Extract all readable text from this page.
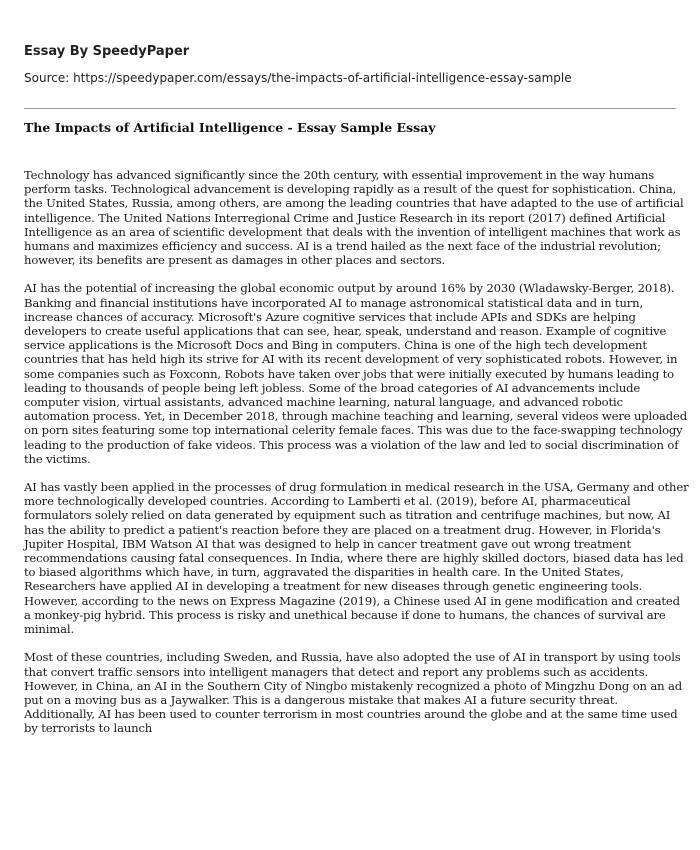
Essay By SpeedyPaper

Source: https://speedypaper.com/essays/the-impacts-of-artificial-intelligence-essay-sample

The Impacts of Artificial Intelligence - Essay Sample Essay

Technology has advanced significantly since the 20th century, with essential improvement in the way humans perform tasks. Technological advancement is developing rapidly as a result of the quest for sophistication. China, the United States, Russia, among others, are among the leading countries that have adapted to the use of artificial intelligence. The United Nations Interregional Crime and Justice Research in its report (2017) defined Artificial Intelligence as an area of scientific development that deals with the invention of intelligent machines that work as humans and maximizes efficiency and success. AI is a trend hailed as the next face of the industrial revolution; however, its benefits are present as damages in other places and sectors.

AI has the potential of increasing the global economic output by around 16% by 2030 (Wladawsky-Berger, 2018). Banking and financial institutions have incorporated AI to manage astronomical statistical data and in turn, increase chances of accuracy. Microsoft's Azure cognitive services that include APIs and SDKs are helping developers to create useful applications that can see, hear, speak, understand and reason. Example of cognitive service applications is the Microsoft Docs and Bing in computers. China is one of the high tech development countries that has held high its strive for AI with its recent development of very sophisticated robots. However, in some companies such as Foxconn, Robots have taken over jobs that were initially executed by humans leading to leading to thousands of people being left jobless. Some of the broad categories of AI advancements include computer vision, virtual assistants, advanced machine learning, natural language, and advanced robotic automation process. Yet, in December 2018, through machine teaching and learning, several videos were uploaded on porn sites featuring some top international celerity female faces. This was due to the face-swapping technology leading to the production of fake videos. This process was a violation of the law and led to social discrimination of the victims.

AI has vastly been applied in the processes of drug formulation in medical research in the USA, Germany and other more technologically developed countries. According to Lamberti et al. (2019), before AI, pharmaceutical formulators solely relied on data generated by equipment such as titration and centrifuge machines, but now, AI has the ability to predict a patient's reaction before they are placed on a treatment drug. However, in Florida's Jupiter Hospital, IBM Watson AI that was designed to help in cancer treatment gave out wrong treatment recommendations causing fatal consequences. In India, where there are highly skilled doctors, biased data has led to biased algorithms which have, in turn, aggravated the disparities in health care. In the United States, Researchers have applied AI in developing a treatment for new diseases through genetic engineering tools. However, according to the news on Express Magazine (2019), a Chinese used AI in gene modification and created a monkey-pig hybrid. This process is risky and unethical because if done to humans, the chances of survival are minimal.

Most of these countries, including Sweden, and Russia, have also adopted the use of AI in transport by using tools that convert traffic sensors into intelligent managers that detect and report any problems such as accidents. However, in China, an AI in the Southern City of Ningbo mistakenly recognized a photo of Mingzhu Dong on an ad put on a moving bus as a Jaywalker. This is a dangerous mistake that makes AI a future security threat. Additionally, AI has been used to counter terrorism in most countries around the globe and at the same time used by terrorists to launch
